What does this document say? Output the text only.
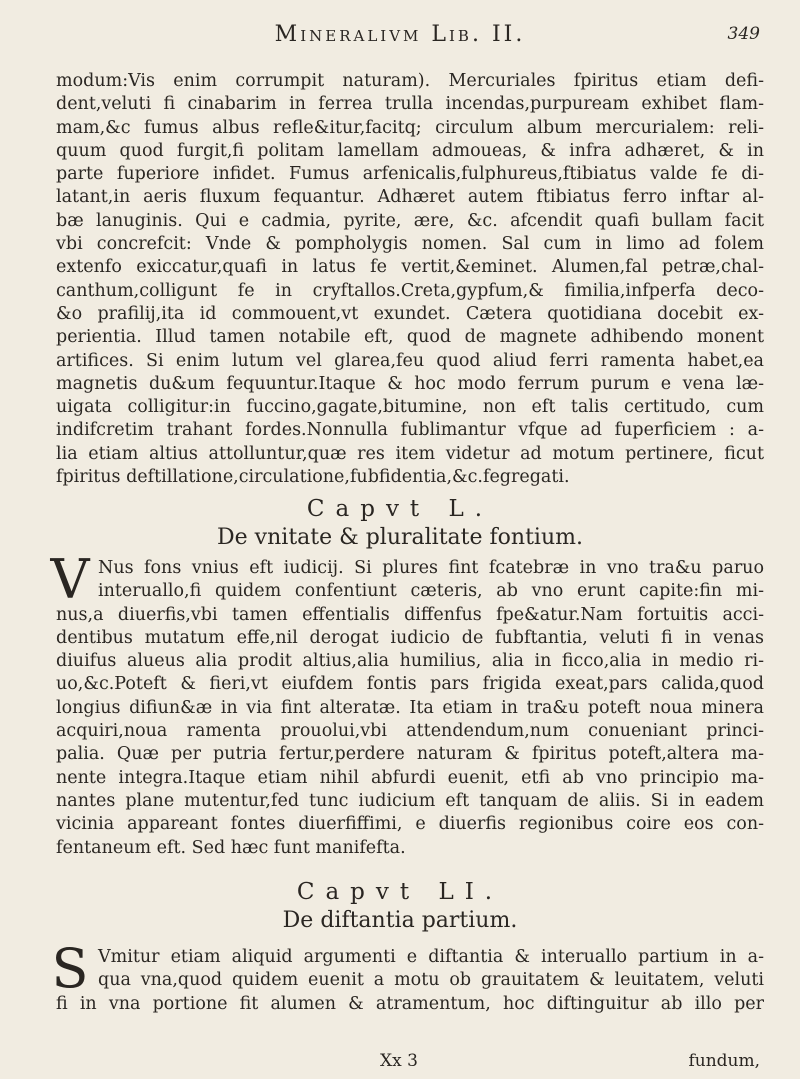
Mineralivm Lib. II.	349
modum:Vis enim corrumpit naturam). Mercuriales fpiritus etiam defi-
dent,veluti fi cinabarim in ferrea trulla incendas,purpuream exhibet flam-
mam,&c fumus albus refle&itur,facitq; circulum album mercurialem: reli-
quum quod furgit,fi politam lamellam admoueas, & infra adhæret, & in
parte fuperiore infidet. Fumus arfenicalis,fulphureus,ftibiatus valde fe di-
latant,in aeris fluxum fequantur. Adhæret autem ftibiatus ferro inftar al-
bæ lanuginis. Qui e cadmia, pyrite, ære, &c. afcendit quafi bullam facit
vbi concrefcit: Vnde & pompholygis nomen. Sal cum in limo ad folem
extenfo exiccatur,quafi in latus fe vertit,&eminet. Alumen,fal petræ,chal-
canthum,colligunt fe in cryftallos.Creta,gypfum,& fimilia,infperfa deco-
&o prafilij,ita id commouent,vt exundet. Cætera quotidiana docebit ex-
perientia. Illud tamen notabile eft, quod de magnete adhibendo monent
artifices. Si enim lutum vel glarea,feu quod aliud ferri ramenta habet,ea
magnetis du&um fequuntur.Itaque & hoc modo ferrum purum e vena læ-
uigata colligitur:in fuccino,gagate,bitumine, non eft talis certitudo, cum
indifcretim trahant fordes.Nonnulla fublimantur vfque ad fuperficiem : a-
lia etiam altius attolluntur,quæ res item videtur ad motum pertinere, ficut
fpiritus deftillatione,circulatione,fubfidentia,&c.fegregati.
Capvt L.
De vnitate & pluralitate fontium.
V Nus fons vnius eft iudicij. Si plures fint fcatebræ in vno tra&u paruo
interuallo,fi quidem confentiunt cæteris, ab vno erunt capite:fin mi-
nus,a diuerfis,vbi tamen effentialis diffenfus fpe&atur.Nam fortuitis acci-
dentibus mutatum effe,nil derogat iudicio de fubftantia, veluti fi in venas
diuifus alueus alia prodit altius,alia humilius, alia in ficco,alia in medio ri-
uo,&c.Poteft & fieri,vt eiufdem fontis pars frigida exeat,pars calida,quod
longius difiun&æ in via fint alteratæ. Ita etiam in tra&u poteft noua minera
acquiri,noua ramenta prouolui,vbi attendendum,num conueniant princi-
palia. Quæ per putria fertur,perdere naturam & fpiritus poteft,altera ma-
nente integra.Itaque etiam nihil abfurdi euenit, etfi ab vno principio ma-
nantes plane mutentur,fed tunc iudicium eft tanquam de aliis. Si in eadem
vicinia appareant fontes diuerfiffimi, e diuerfis regionibus coire eos con-
fentaneum eft. Sed hæc funt manifefta.
Capvt LI.
De diftantia partium.
S Vmitur etiam aliquid argumenti e diftantia & interuallo partium in a-
qua vna,quod quidem euenit a motu ob grauitatem & leuitatem, veluti
fi in vna portione fit alumen & atramentum, hoc diftinguitur ab illo per
Xx 3	fundum,
